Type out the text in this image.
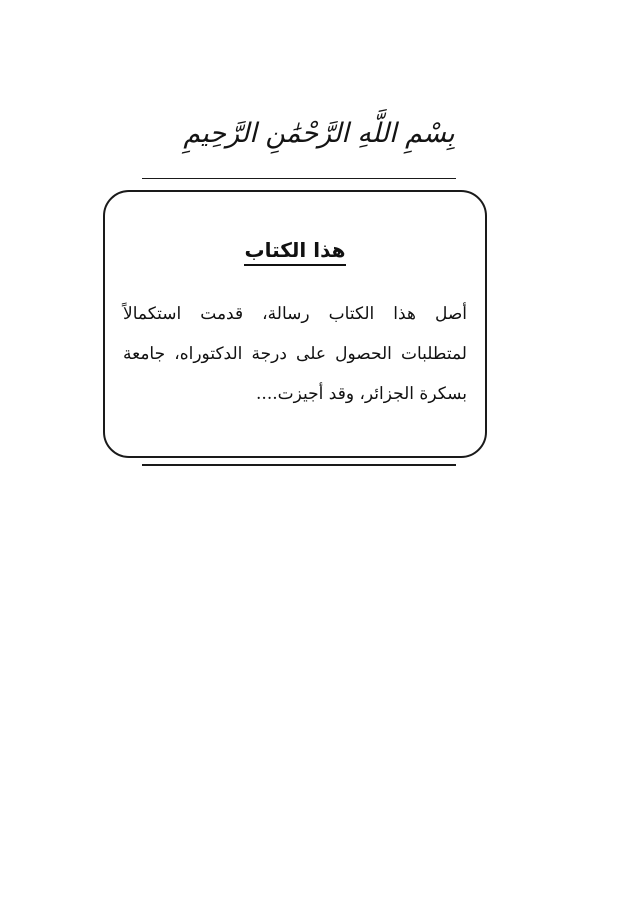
بِسْمِ اللَّهِ الرَّحْمَٰنِ الرَّحِيمِ
هذا الكتاب
أصل هذا الكتاب رسالة، قدمت استكمالاً لمتطلبات الحصول على درجة الدكتوراه، جامعة بسكرة الجزائر، وقد أجيزت....
